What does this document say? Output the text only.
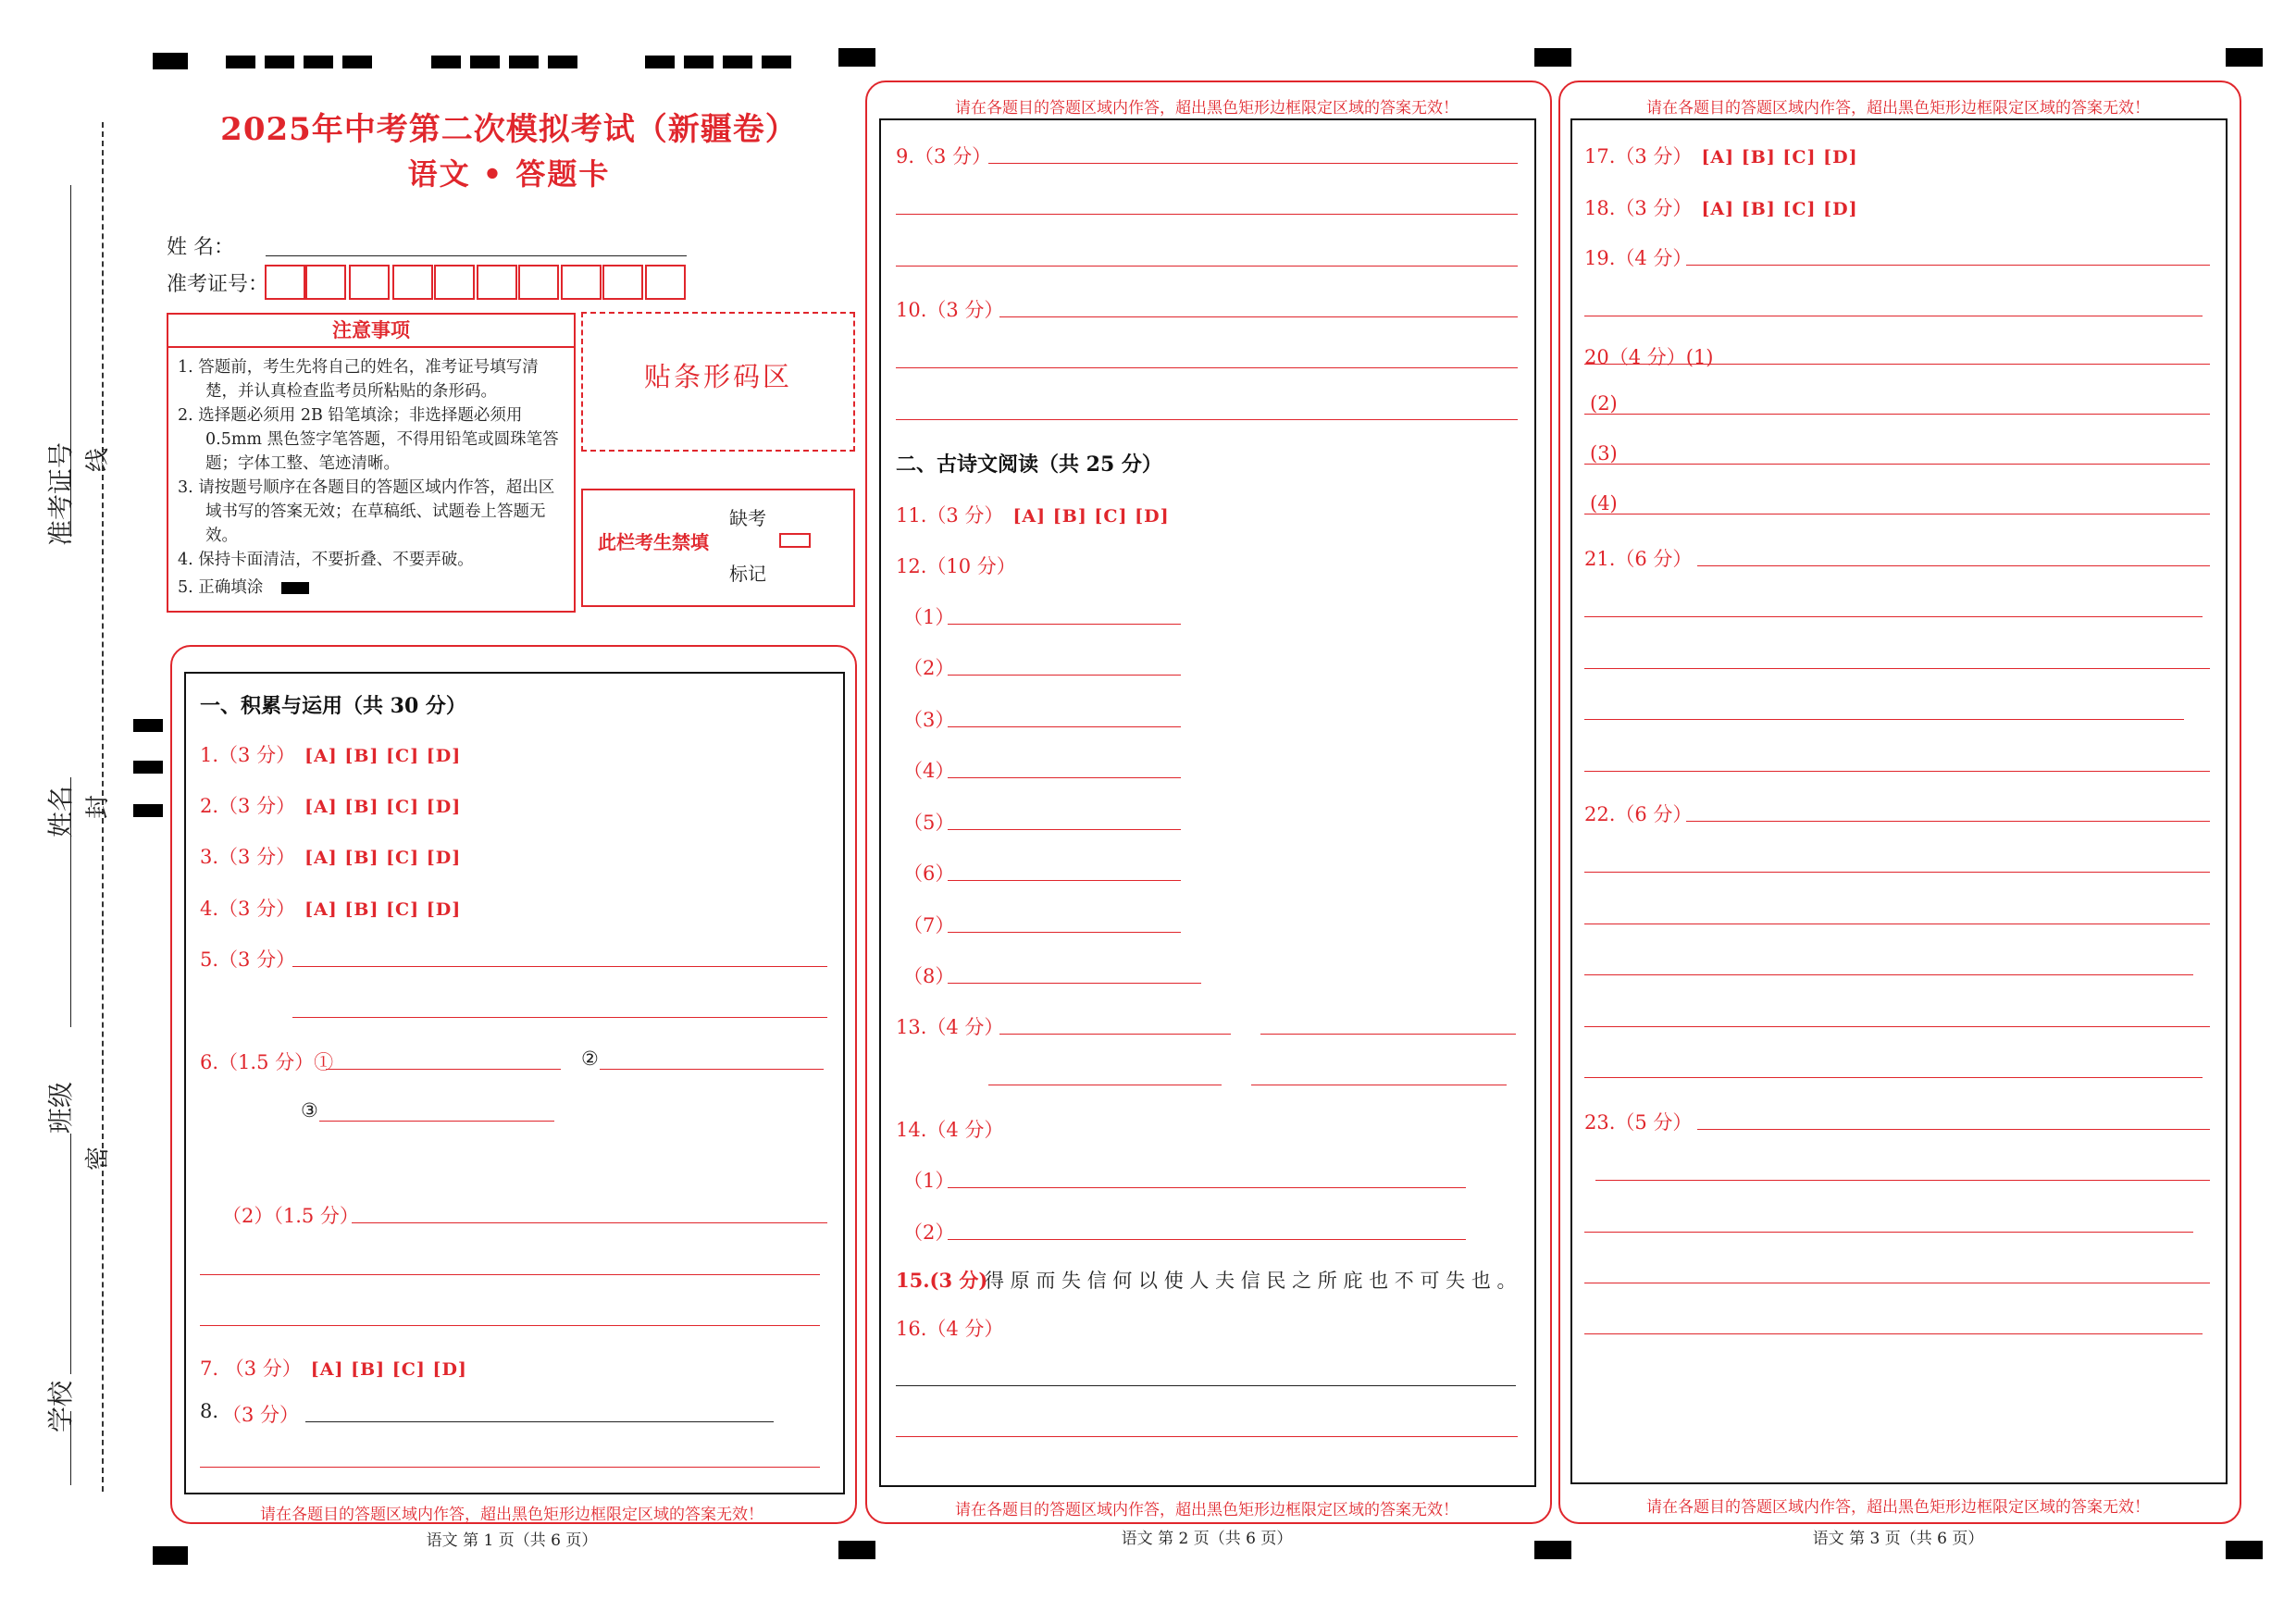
准考证号 线
姓名 封
班级
密
学校
2025年中考第二次模拟考试（新疆卷）
语文 • 答题卡
姓 名：
准考证号：
注意事项

1. 答题前，考生先将自己的姓名，准考证号填写清楚，并认真检查监考员所粘贴的条形码。

2. 选择题必须用 2B 铅笔填涂；非选择题必须用 0.5mm 黑色签字笔答题，不得用铅笔或圆珠笔答题；字体工整、笔迹清晰。

3. 请按题号顺序在各题目的答题区域内作答，超出区域书写的答案无效；在草稿纸、试题卷上答题无效。

4. 保持卡面清洁，不要折叠、不要弄破。

5. 正确填涂

贴条形码区
此栏考生禁填
缺考
标记
一、积累与运用（共 30 分）
1.（3 分） [A] [B] [C] [D]
2.（3 分） [A] [B] [C] [D]
3.（3 分） [A] [B] [C] [D]
4.（3 分） [A] [B] [C] [D]
5.（3 分）
6.（1.5 分）①	②
③
（2）（1.5 分）
7. （3 分） [A] [B] [C] [D]
8. （3 分）
请在各题目的答题区域内作答，超出黑色矩形边框限定区域的答案无效！
语文 第 1 页（共 6 页）
请在各题目的答题区域内作答，超出黑色矩形边框限定区域的答案无效！
9.（3 分）
10.（3 分）
二、古诗文阅读（共 25 分）
11.（3 分） [A] [B] [C] [D]
12.（10 分）
（1）
（2）
（3）
（4）
（5）
（6）
（7）
（8）
13.（4 分）
14.（4 分）
（1）
（2）
15.(3 分)
得 原 而 失 信 何 以 使 人 夫 信 民 之 所 庇 也 不 可 失 也 。
16.（4 分）
请在各题目的答题区域内作答，超出黑色矩形边框限定区域的答案无效！
语文 第 2 页（共 6 页）
请在各题目的答题区域内作答，超出黑色矩形边框限定区域的答案无效！
17.（3 分） [A] [B] [C] [D]
18.（3 分） [A] [B] [C] [D]
19.（4 分）
20（4 分）(1)
(2)
(3)
(4)
21.（6 分）
22.（6 分）
23.（5 分）
请在各题目的答题区域内作答，超出黑色矩形边框限定区域的答案无效！
语文 第 3 页（共 6 页）
